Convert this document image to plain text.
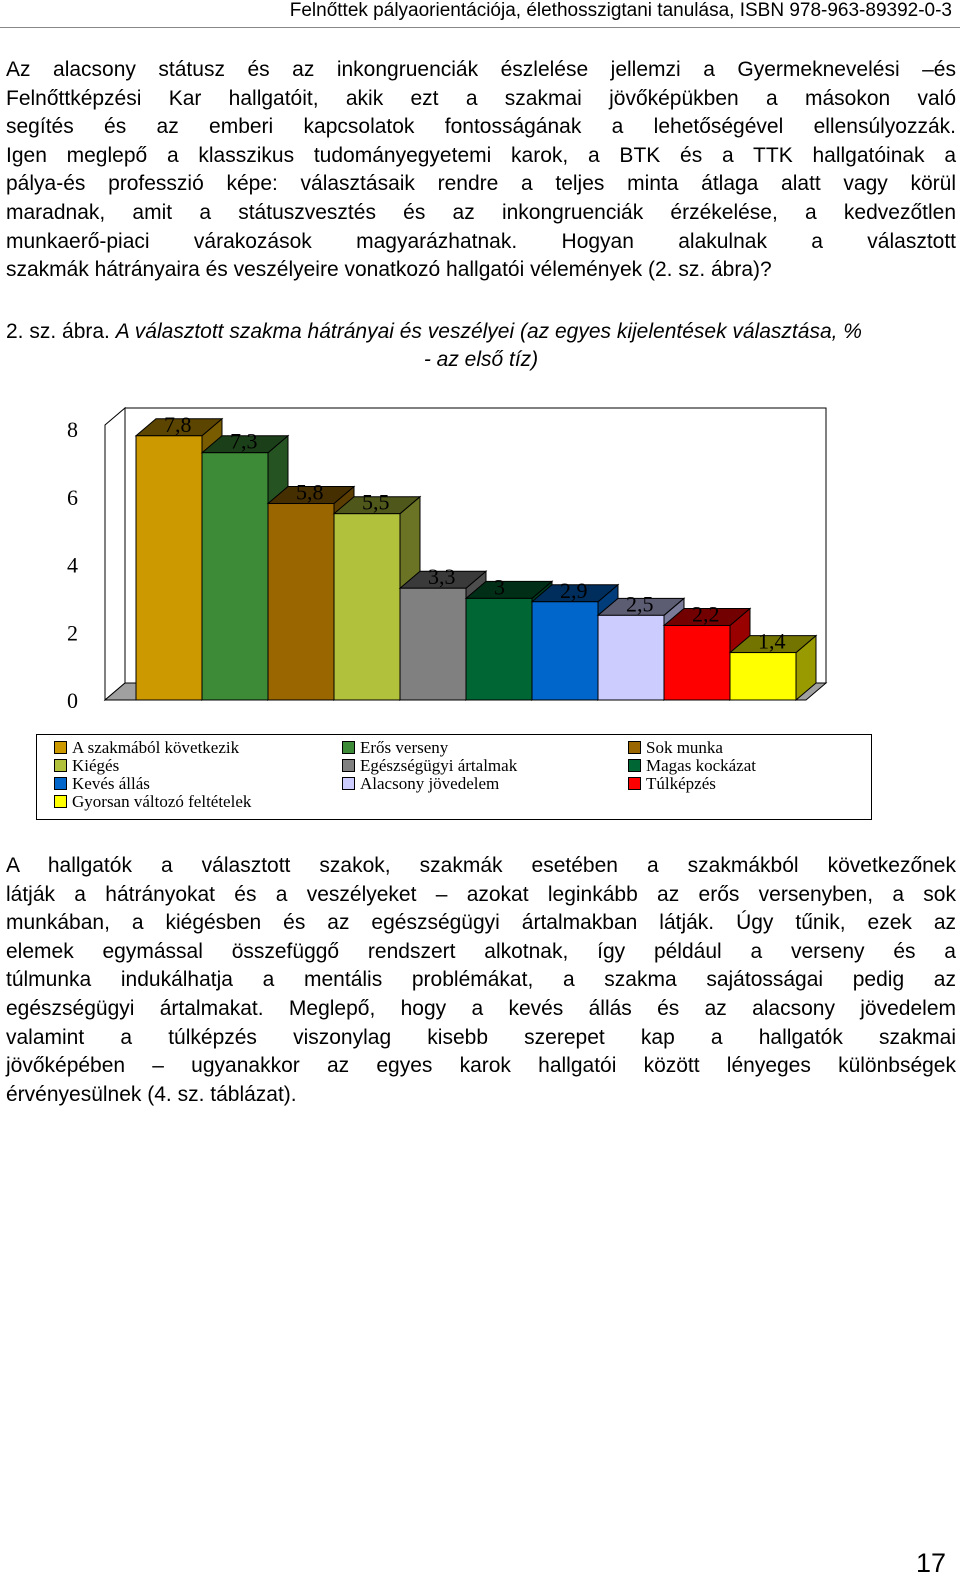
Felnőttek pályaorientációja, élethosszigtani tanulása, ISBN 978-963-89392-0-3
Az alacsony státusz és az inkongruenciák észlelése jellemzi a Gyermeknevelési –és
Felnőttképzési Kar hallgatóit, akik ezt a szakmai jövőképükben a másokon való
segítés és az emberi kapcsolatok fontosságának a lehetőségével ellensúlyozzák.
Igen meglepő a klasszikus tudományegyetemi karok, a BTK és a TTK hallgatóinak a
pálya-és professzió képe: választásaik rendre a teljes minta átlaga alatt vagy körül
maradnak, amit a státuszvesztés és az inkongruenciák érzékelése, a kedvezőtlen
munkaerő-piaci várakozások magyarázhatnak. Hogyan alakulnak a választott
szakmák hátrányaira és veszélyeire vonatkozó hallgatói vélemények (2. sz. ábra)?
2. sz. ábra. A választott szakma hátrányai és veszélyei (az egyes kijelentések választása, %
- az első tíz)
0
2
4
6
8	7,8
7,3
5,8 5,5
3,3 3	2,9
2,5 2,2
1,4
A szakmából következik	Erős verseny	Sok munka
Kiégés	Egészségügyi ártalmak	Magas kockázat
Kevés állás	Alacsony jövedelem	Túlképzés
Gyorsan változó feltételek
A hallgatók a választott szakok, szakmák esetében a szakmákból következőnek
látják a hátrányokat és a veszélyeket – azokat leginkább az erős versenyben, a sok
munkában, a kiégésben és az egészségügyi ártalmakban látják. Úgy tűnik, ezek az
elemek egymással összefüggő rendszert alkotnak, így például a verseny és a
túlmunka indukálhatja a mentális problémákat, a szakma sajátosságai pedig az
egészségügyi ártalmakat. Meglepő, hogy a kevés állás és az alacsony jövedelem
valamint a túlképzés viszonylag kisebb szerepet kap a hallgatók szakmai
jövőképében – ugyanakkor az egyes karok hallgatói között lényeges különbségek
érvényesülnek (4. sz. táblázat).
17
